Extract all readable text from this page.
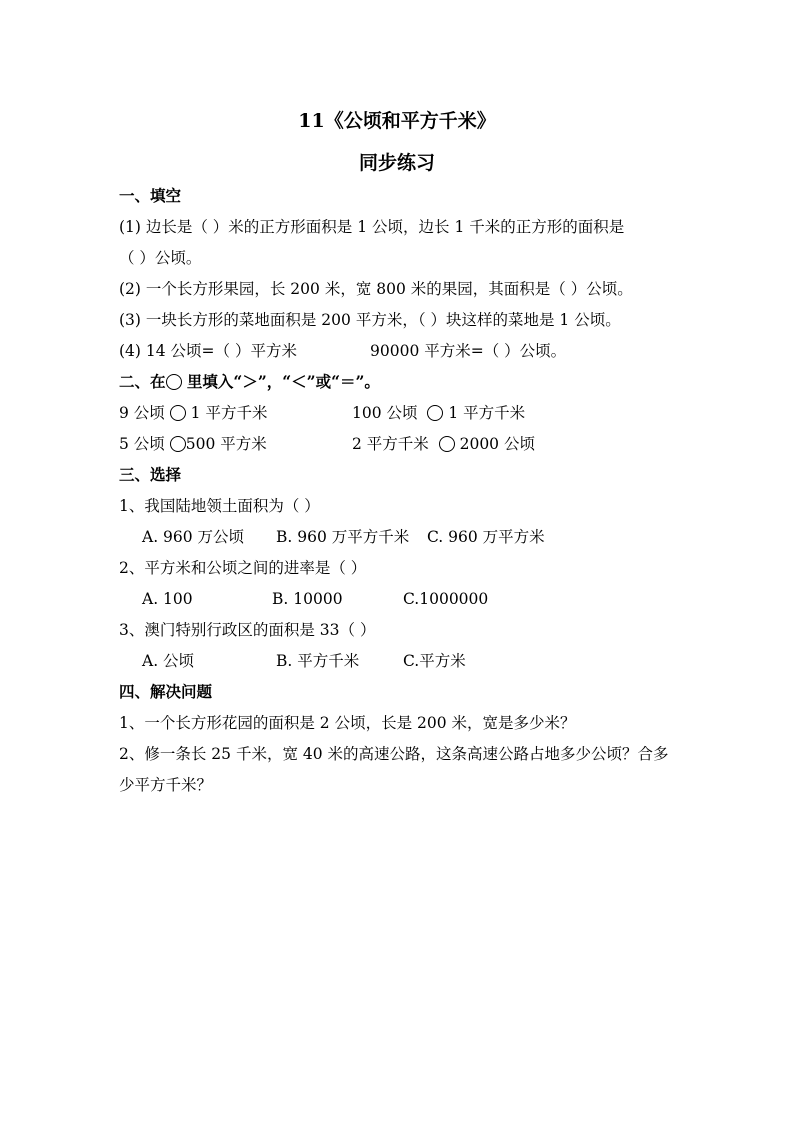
11《公顷和平方千米》
同步练习
一、填空
(1) 边长是（ ）米的正方形面积是 1 公顷，边长 1 千米的正方形的面积是
（ ）公顷。
(2) 一个长方形果园，长 200 米，宽 800 米的果园，其面积是（ ）公顷。
(3) 一块长方形的菜地面积是 200 平方米，（ ）块这样的菜地是 1 公顷。
(4) 14 公顷=（ ）平方米	90000 平方米=（ ）公顷。
二、在 里填入“＞”，“＜”或“＝”。
9 公顷 1 平方千米	100 公顷 1 平方千米
5 公顷 500 平方米	2 平方千米 2000 公顷
三、选择
1、我国陆地领土面积为（ ）
A. 960 万公顷 B. 960 万平方千米 C. 960 万平方米
2、平方米和公顷之间的进率是（ ）
A. 100	B. 10000	C.1000000
3、澳门特别行政区的面积是 33（ ）
A. 公顷	B. 平方千米	C.平方米
四、解决问题
1、一个长方形花园的面积是 2 公顷，长是 200 米，宽是多少米？
2、修一条长 25 千米，宽 40 米的高速公路，这条高速公路占地多少公顷？合多
少平方千米？
